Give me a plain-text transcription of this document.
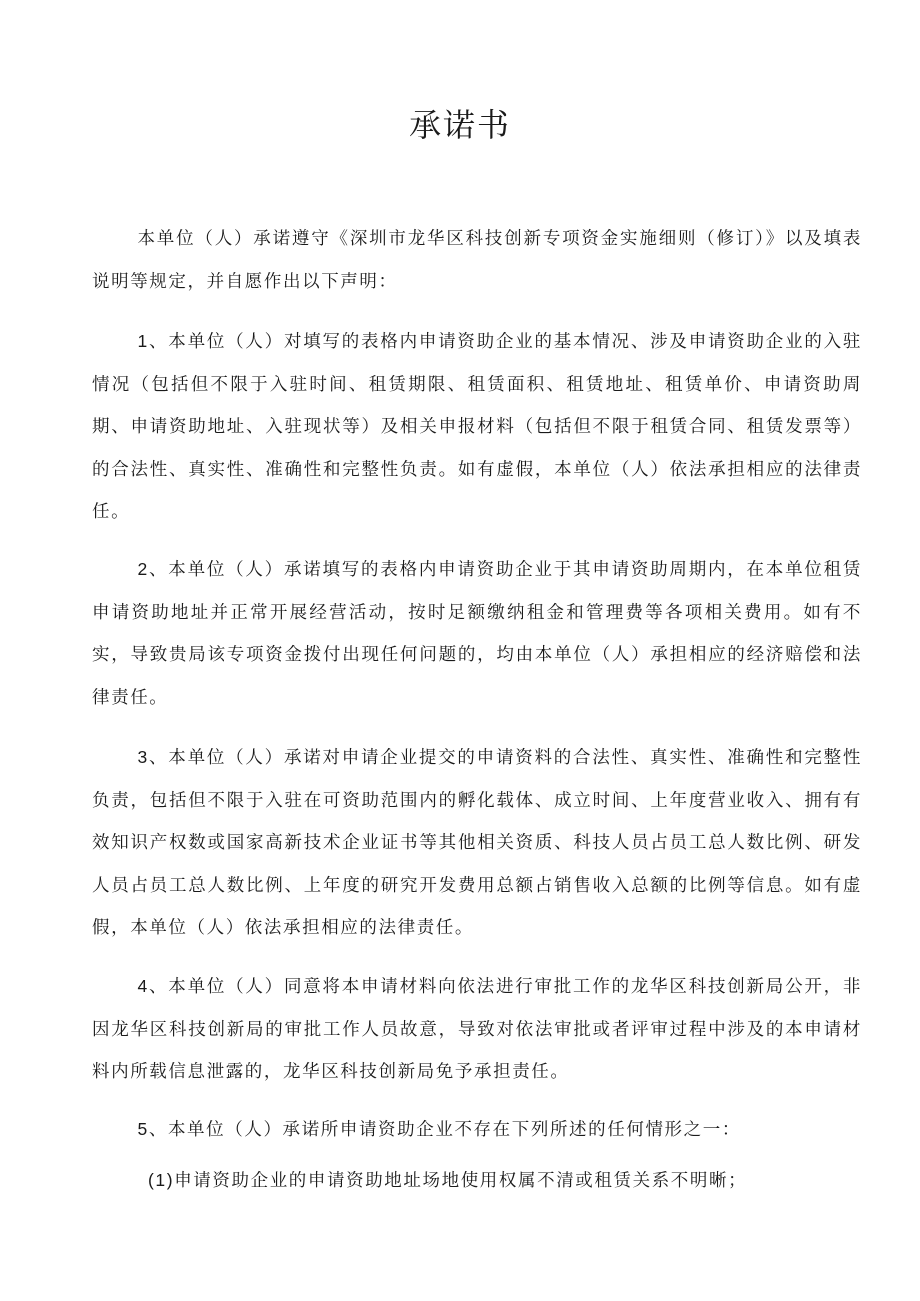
承诺书

本单位（人）承诺遵守《深圳市龙华区科技创新专项资金实施细则（修订）》以及填表说明等规定，并自愿作出以下声明：

1、本单位（人）对填写的表格内申请资助企业的基本情况、涉及申请资助企业的入驻情况（包括但不限于入驻时间、租赁期限、租赁面积、租赁地址、租赁单价、申请资助周期、申请资助地址、入驻现状等）及相关申报材料（包括但不限于租赁合同、租赁发票等）的合法性、真实性、准确性和完整性负责。如有虚假，本单位（人）依法承担相应的法律责任。

2、本单位（人）承诺填写的表格内申请资助企业于其申请资助周期内，在本单位租赁申请资助地址并正常开展经营活动，按时足额缴纳租金和管理费等各项相关费用。如有不实，导致贵局该专项资金拨付出现任何问题的，均由本单位（人）承担相应的经济赔偿和法律责任。

3、本单位（人）承诺对申请企业提交的申请资料的合法性、真实性、准确性和完整性负责，包括但不限于入驻在可资助范围内的孵化载体、成立时间、上年度营业收入、拥有有效知识产权数或国家高新技术企业证书等其他相关资质、科技人员占员工总人数比例、研发人员占员工总人数比例、上年度的研究开发费用总额占销售收入总额的比例等信息。如有虚假，本单位（人）依法承担相应的法律责任。

4、本单位（人）同意将本申请材料向依法进行审批工作的龙华区科技创新局公开，非因龙华区科技创新局的审批工作人员故意，导致对依法审批或者评审过程中涉及的本申请材料内所载信息泄露的，龙华区科技创新局免予承担责任。

5、本单位（人）承诺所申请资助企业不存在下列所述的任何情形之一：

(1)申请资助企业的申请资助地址场地使用权属不清或租赁关系不明晰；
